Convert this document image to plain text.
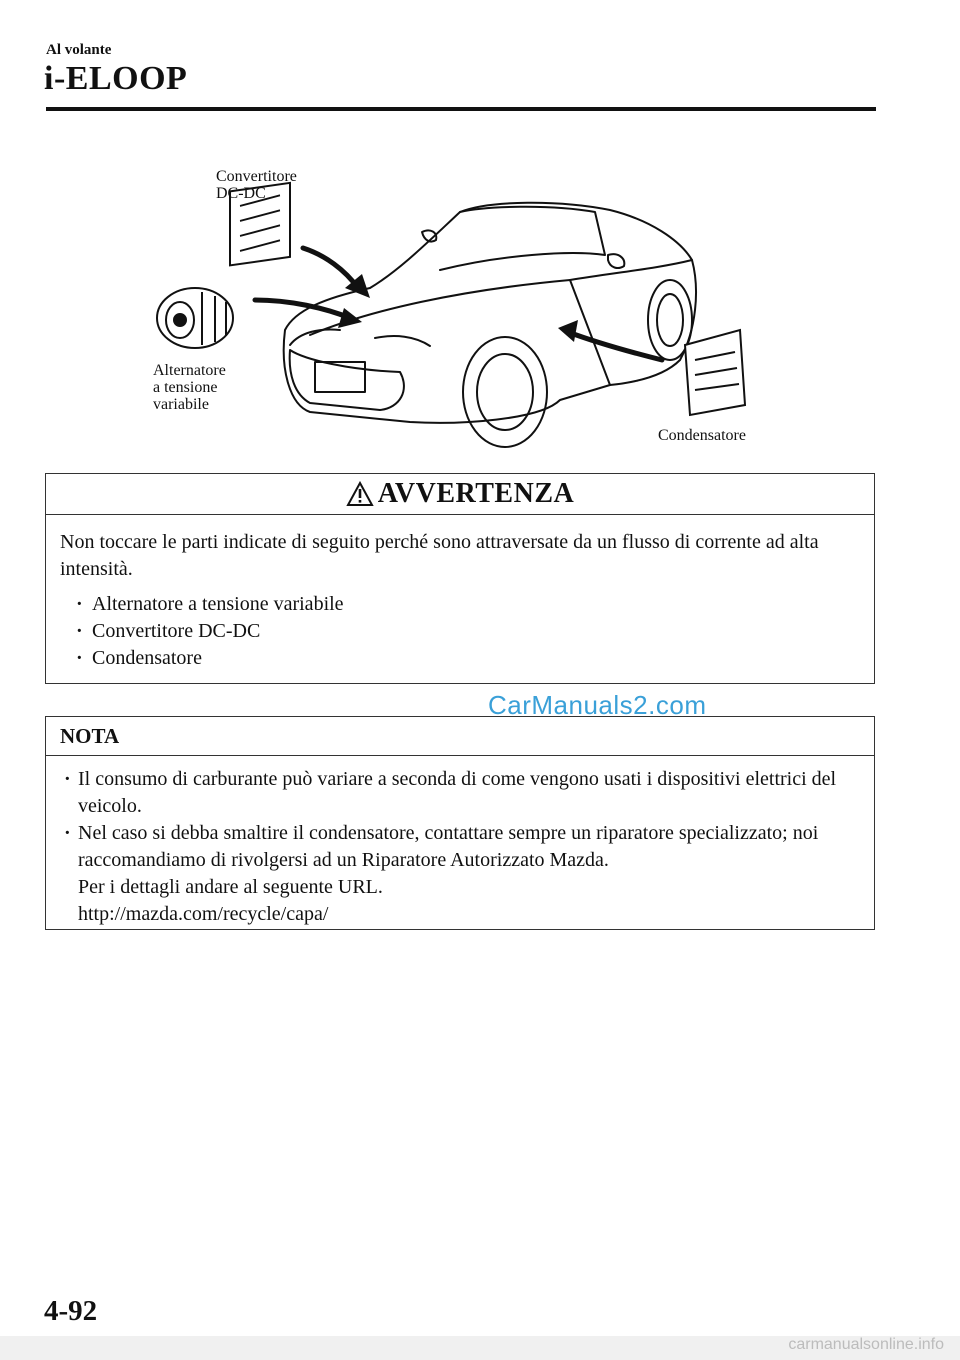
Al volante
i-ELOOP
Convertitore
DC-DC
Alternatore
a tensione
variabile
Condensatore
AVVERTENZA
Non toccare le parti indicate di seguito perché sono attraversate da un flusso di corrente ad alta intensità.
· Alternatore a tensione variabile
· Convertitore DC-DC
· Condensatore
CarManuals2.com
NOTA
· Il consumo di carburante può variare a seconda di come vengono usati i dispositivi elettrici del veicolo.
· Nel caso si debba smaltire il condensatore, contattare sempre un riparatore specializzato; noi raccomandiamo di rivolgersi ad un Riparatore Autorizzato Mazda.
Per i dettagli andare al seguente URL.
http://mazda.com/recycle/capa/
4-92
carmanualsonline.info
